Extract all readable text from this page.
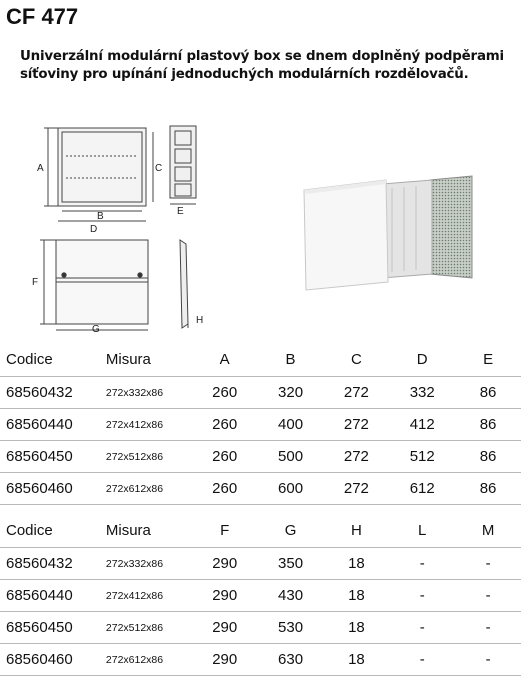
CF 477

Univerzální modulární plastový box se dnem doplněný podpěrami síťoviny pro upínání jednoduchých modulárních rozdělovačů.

A	C
B
D
E
F
G
H
Codice	Misura	A	B	C	D	E
68560432	272x332x86	260	320	272	332	86
68560440	272x412x86	260	400	272	412	86
68560450	272x512x86	260	500	272	512	86
68560460	272x612x86	260	600	272	612	86
Codice	Misura	F	G	H	L	M
68560432	272x332x86	290	350	18	-	-
68560440	272x412x86	290	430	18	-	-
68560450	272x512x86	290	530	18	-	-
68560460	272x612x86	290	630	18	-	-
